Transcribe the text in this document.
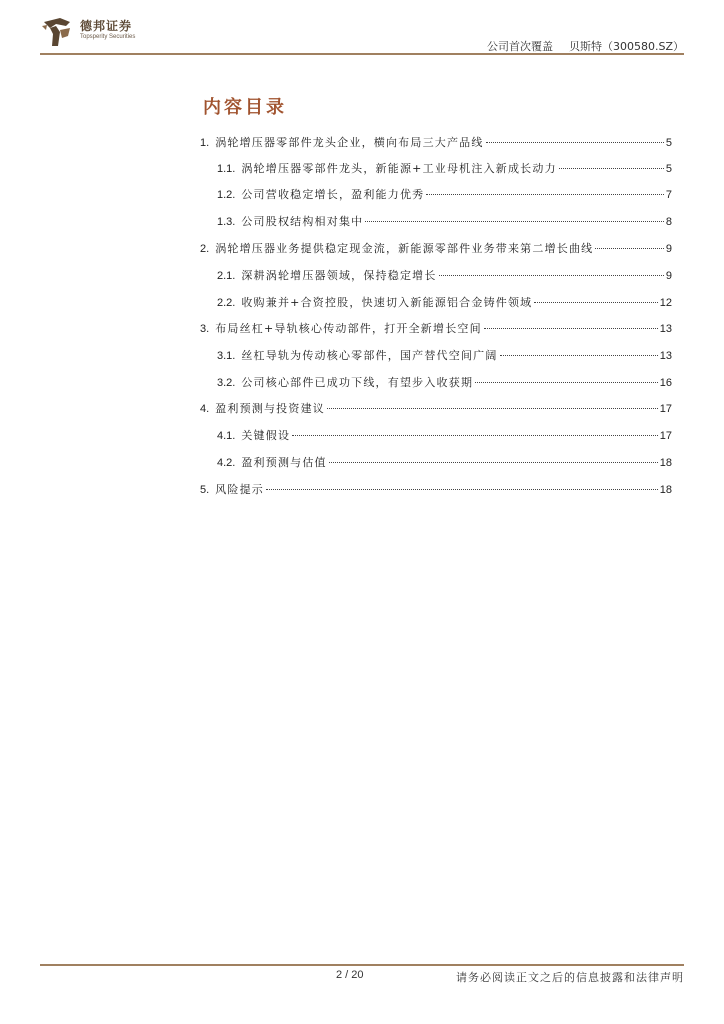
德邦证券
Topsperity Securities
公司首次覆盖 贝斯特（300580.SZ）
内容目录
1. 涡轮增压器零部件龙头企业，横向布局三大产品线	5
1.1. 涡轮增压器零部件龙头，新能源+工业母机注入新成长动力	5
1.2. 公司营收稳定增长，盈利能力优秀	7
1.3. 公司股权结构相对集中	8
2. 涡轮增压器业务提供稳定现金流，新能源零部件业务带来第二增长曲线	9
2.1. 深耕涡轮增压器领域，保持稳定增长	9
2.2. 收购兼并+合资控股，快速切入新能源铝合金铸件领域	12
3. 布局丝杠+导轨核心传动部件，打开全新增长空间	13
3.1. 丝杠导轨为传动核心零部件，国产替代空间广阔	13
3.2. 公司核心部件已成功下线，有望步入收获期	16
4. 盈利预测与投资建议	17
4.1. 关键假设	17
4.2. 盈利预测与估值	18
5. 风险提示	18
2 / 20	请务必阅读正文之后的信息披露和法律声明
